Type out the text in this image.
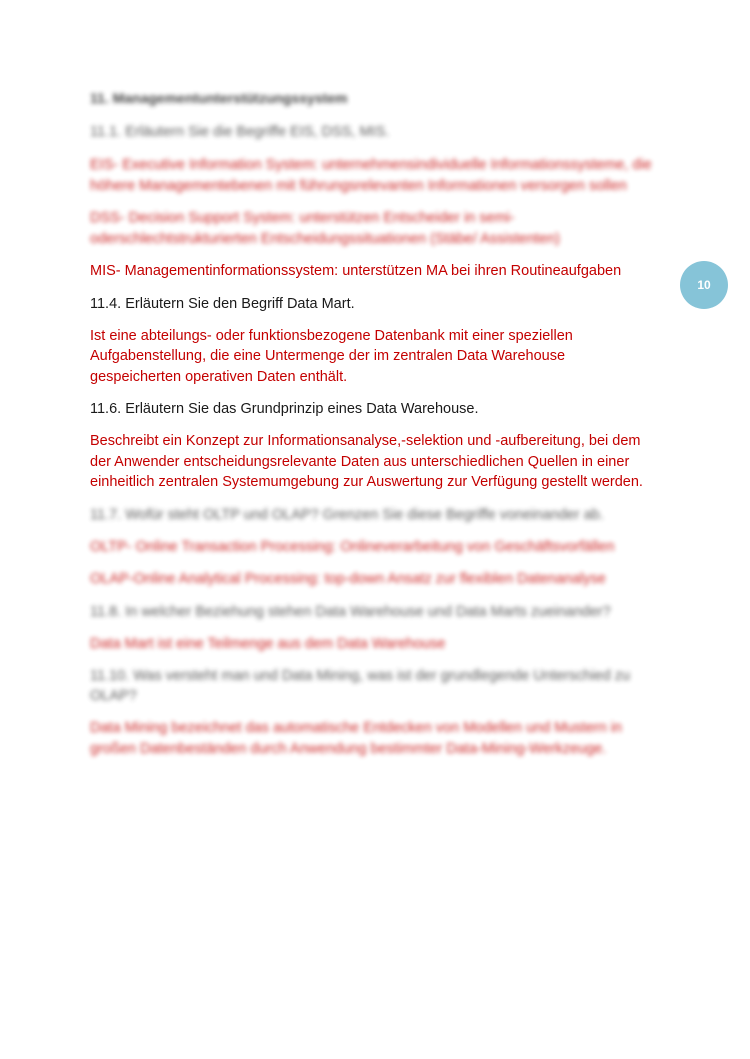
10

11. Managementunterstützungssystem

11.1. Erläutern Sie die Begriffe EIS, DSS, MIS.

EIS- Executive Information System: unternehmensindividuelle Informationssysteme, die höhere Managementebenen mit führungsrelevanten Informationen versorgen sollen

DSS- Decision Support System: unterstützen Entscheider in semi-oderschlechtstrukturierten Entscheidungssituationen (Stäbe/ Assistenten)

MIS- Managementinformationssystem: unterstützen MA bei ihren Routineaufgaben

11.4. Erläutern Sie den Begriff Data Mart.

Ist eine abteilungs- oder funktionsbezogene Datenbank mit einer speziellen Aufgabenstellung, die eine Untermenge der im zentralen Data Warehouse gespeicherten operativen Daten enthält.

11.6. Erläutern Sie das Grundprinzip eines Data Warehouse.

Beschreibt ein Konzept zur Informationsanalyse,-selektion und -aufbereitung, bei dem der Anwender entscheidungsrelevante Daten aus unterschiedlichen Quellen in einer einheitlich zentralen Systemumgebung zur Auswertung zur Verfügung gestellt werden.

11.7. Wofür steht OLTP und OLAP? Grenzen Sie diese Begriffe voneinander ab.

OLTP- Online Transaction Processing: Onlineverarbeitung von Geschäftsvorfällen

OLAP-Online Analytical Processing: top-down Ansatz zur flexiblen Datenanalyse

11.8. In welcher Beziehung stehen Data Warehouse und Data Marts zueinander?

Data Mart ist eine Teilmenge aus dem Data Warehouse

11.10. Was versteht man und Data Mining, was ist der grundlegende Unterschied zu OLAP?

Data Mining bezeichnet das automatische Entdecken von Modellen und Mustern in großen Datenbeständen durch Anwendung bestimmter Data-Mining-Werkzeuge.
